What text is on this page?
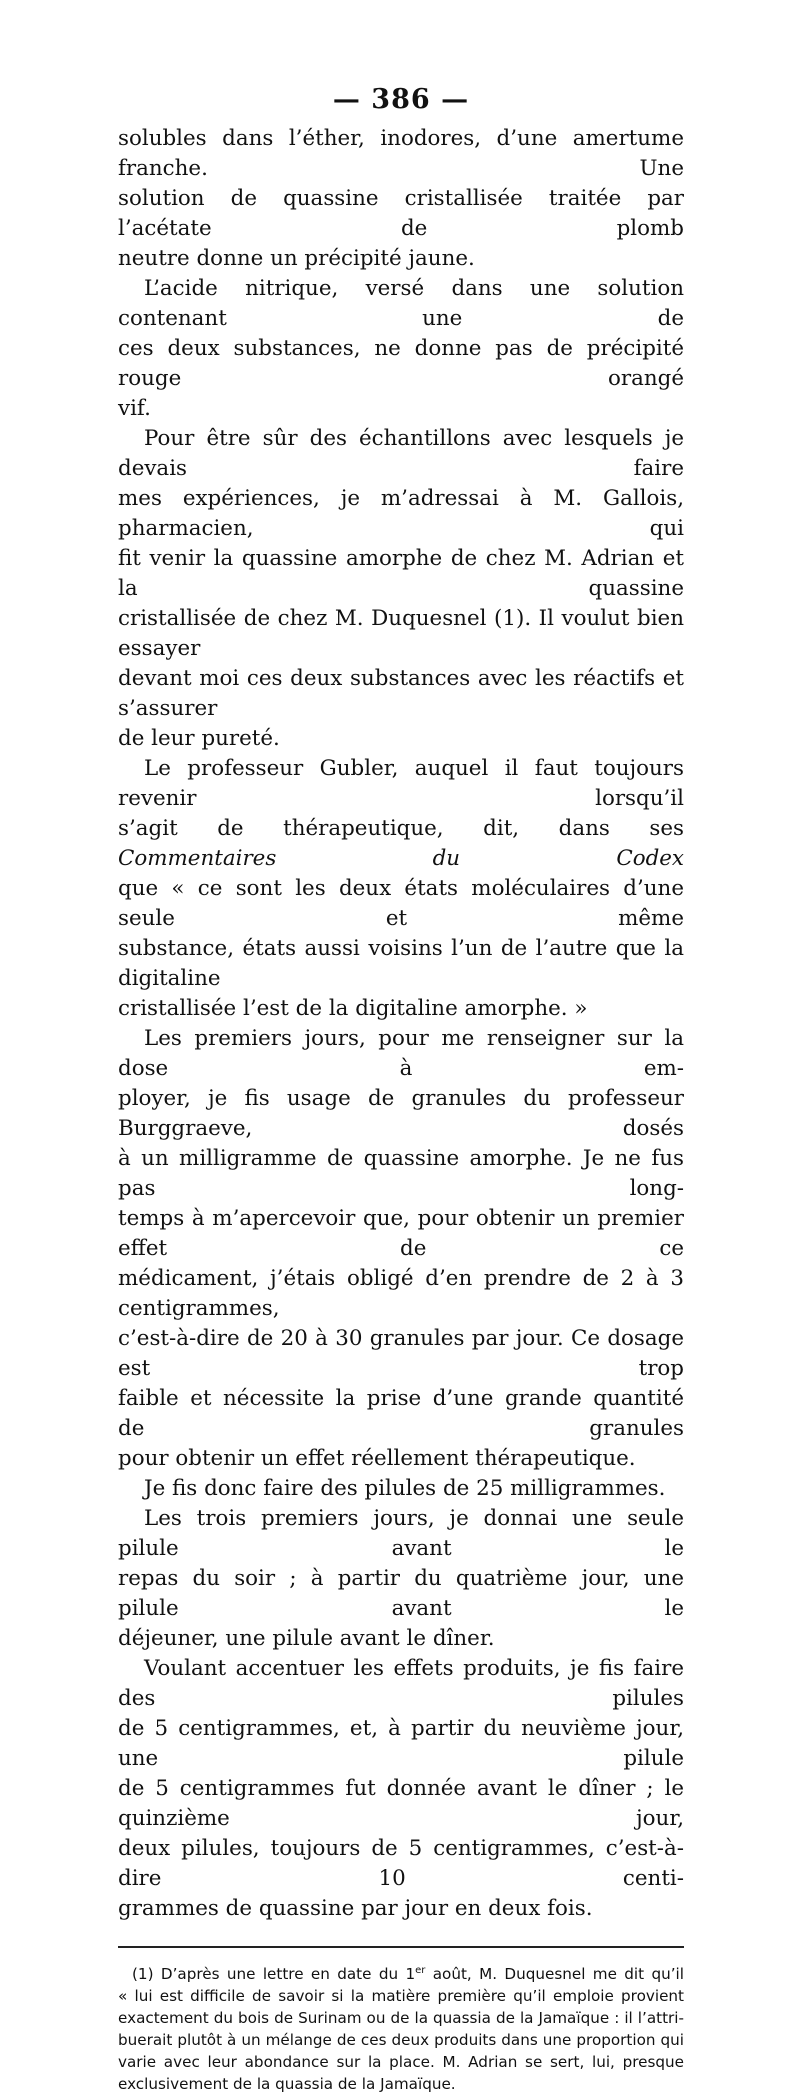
— 386 —

solubles dans l’éther, inodores, d’une amertume franche. Une
solution de quassine cristallisée traitée par l’acétate de plomb
neutre donne un précipité jaune.

L’acide nitrique, versé dans une solution contenant une de
ces deux substances, ne donne pas de précipité rouge orangé
vif.

Pour être sûr des échantillons avec lesquels je devais faire
mes expériences, je m’adressai à M. Gallois, pharmacien, qui
fit venir la quassine amorphe de chez M. Adrian et la quassine
cristallisée de chez M. Duquesnel (1). Il voulut bien essayer
devant moi ces deux substances avec les réactifs et s’assurer
de leur pureté.

Le professeur Gubler, auquel il faut toujours revenir lorsqu’il
s’agit de thérapeutique, dit, dans ses Commentaires du Codex
que « ce sont les deux états moléculaires d’une seule et même
substance, états aussi voisins l’un de l’autre que la digitaline
cristallisée l’est de la digitaline amorphe. »

Les premiers jours, pour me renseigner sur la dose à em-
ployer, je fis usage de granules du professeur Burggraeve, dosés
à un milligramme de quassine amorphe. Je ne fus pas long-
temps à m’apercevoir que, pour obtenir un premier effet de ce
médicament, j’étais obligé d’en prendre de 2 à 3 centigrammes,
c’est-à-dire de 20 à 30 granules par jour. Ce dosage est trop
faible et nécessite la prise d’une grande quantité de granules
pour obtenir un effet réellement thérapeutique.

Je fis donc faire des pilules de 25 milligrammes.

Les trois premiers jours, je donnai une seule pilule avant le
repas du soir ; à partir du quatrième jour, une pilule avant le
déjeuner, une pilule avant le dîner.

Voulant accentuer les effets produits, je fis faire des pilules
de 5 centigrammes, et, à partir du neuvième jour, une pilule
de 5 centigrammes fut donnée avant le dîner ; le quinzième jour,
deux pilules, toujours de 5 centigrammes, c’est-à-dire 10 centi-
grammes de quassine par jour en deux fois.

(1) D’après une lettre en date du 1er août, M. Duquesnel me dit qu’il
« lui est difficile de savoir si la matière première qu’il emploie provient
exactement du bois de Surinam ou de la quassia de la Jamaïque : il l’attri-
buerait plutôt à un mélange de ces deux produits dans une proportion qui
varie avec leur abondance sur la place. M. Adrian se sert, lui, presque
exclusivement de la quassia de la Jamaïque.
